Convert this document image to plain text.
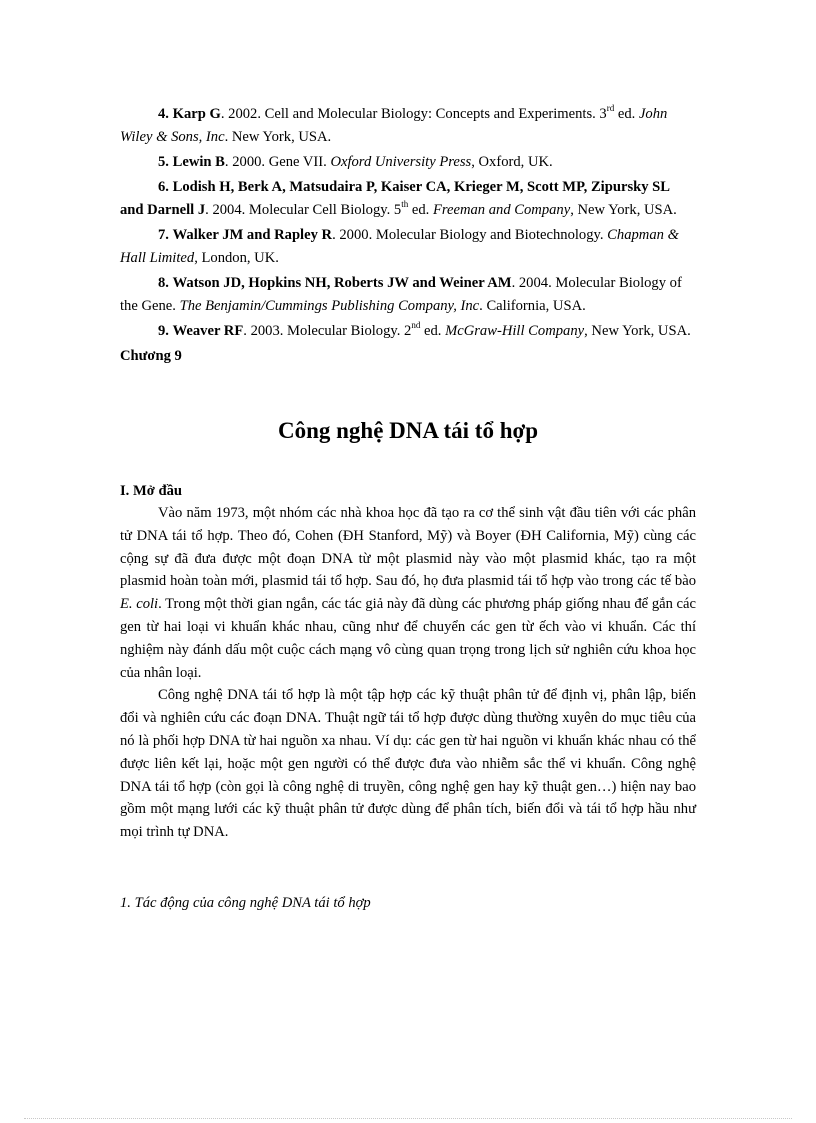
4. Karp G. 2002. Cell and Molecular Biology: Concepts and Experiments. 3rd ed. John Wiley & Sons, Inc. New York, USA.

5. Lewin B. 2000. Gene VII. Oxford University Press, Oxford, UK.

6. Lodish H, Berk A, Matsudaira P, Kaiser CA, Krieger M, Scott MP, Zipursky SL and Darnell J. 2004. Molecular Cell Biology. 5th ed. Freeman and Company, New York, USA.

7. Walker JM and Rapley R. 2000. Molecular Biology and Biotechnology. Chapman & Hall Limited, London, UK.

8. Watson JD, Hopkins NH, Roberts JW and Weiner AM. 2004. Molecular Biology of the Gene. The Benjamin/Cummings Publishing Company, Inc. California, USA.

9. Weaver RF. 2003. Molecular Biology. 2nd ed. McGraw-Hill Company, New York, USA.

Chương 9

Công nghệ DNA tái tổ hợp
I. Mở đầu

Vào năm 1973, một nhóm các nhà khoa học đã tạo ra cơ thể sinh vật đầu tiên với các phân tử DNA tái tổ hợp. Theo đó, Cohen (ĐH Stanford, Mỹ) và Boyer (ĐH California, Mỹ) cùng các cộng sự đã đưa được một đoạn DNA từ một plasmid này vào một plasmid khác, tạo ra một plasmid hoàn toàn mới, plasmid tái tổ hợp. Sau đó, họ đưa plasmid tái tổ hợp vào trong các tế bào E. coli. Trong một thời gian ngắn, các tác giả này đã dùng các phương pháp giống nhau để gắn các gen từ hai loại vi khuẩn khác nhau, cũng như để chuyển các gen từ ếch vào vi khuẩn. Các thí nghiệm này đánh dấu một cuộc cách mạng vô cùng quan trọng trong lịch sử nghiên cứu khoa học của nhân loại.

Công nghệ DNA tái tổ hợp là một tập hợp các kỹ thuật phân tử để định vị, phân lập, biến đổi và nghiên cứu các đoạn DNA. Thuật ngữ tái tổ hợp được dùng thường xuyên do mục tiêu của nó là phối hợp DNA từ hai nguồn xa nhau. Ví dụ: các gen từ hai nguồn vi khuẩn khác nhau có thể được liên kết lại, hoặc một gen người có thể được đưa vào nhiễm sắc thể vi khuẩn. Công nghệ DNA tái tổ hợp (còn gọi là công nghệ di truyền, công nghệ gen hay kỹ thuật gen…) hiện nay bao gồm một mạng lưới các kỹ thuật phân tử được dùng để phân tích, biến đổi và tái tổ hợp hầu như mọi trình tự DNA.

1. Tác động của công nghệ DNA tái tổ hợp
